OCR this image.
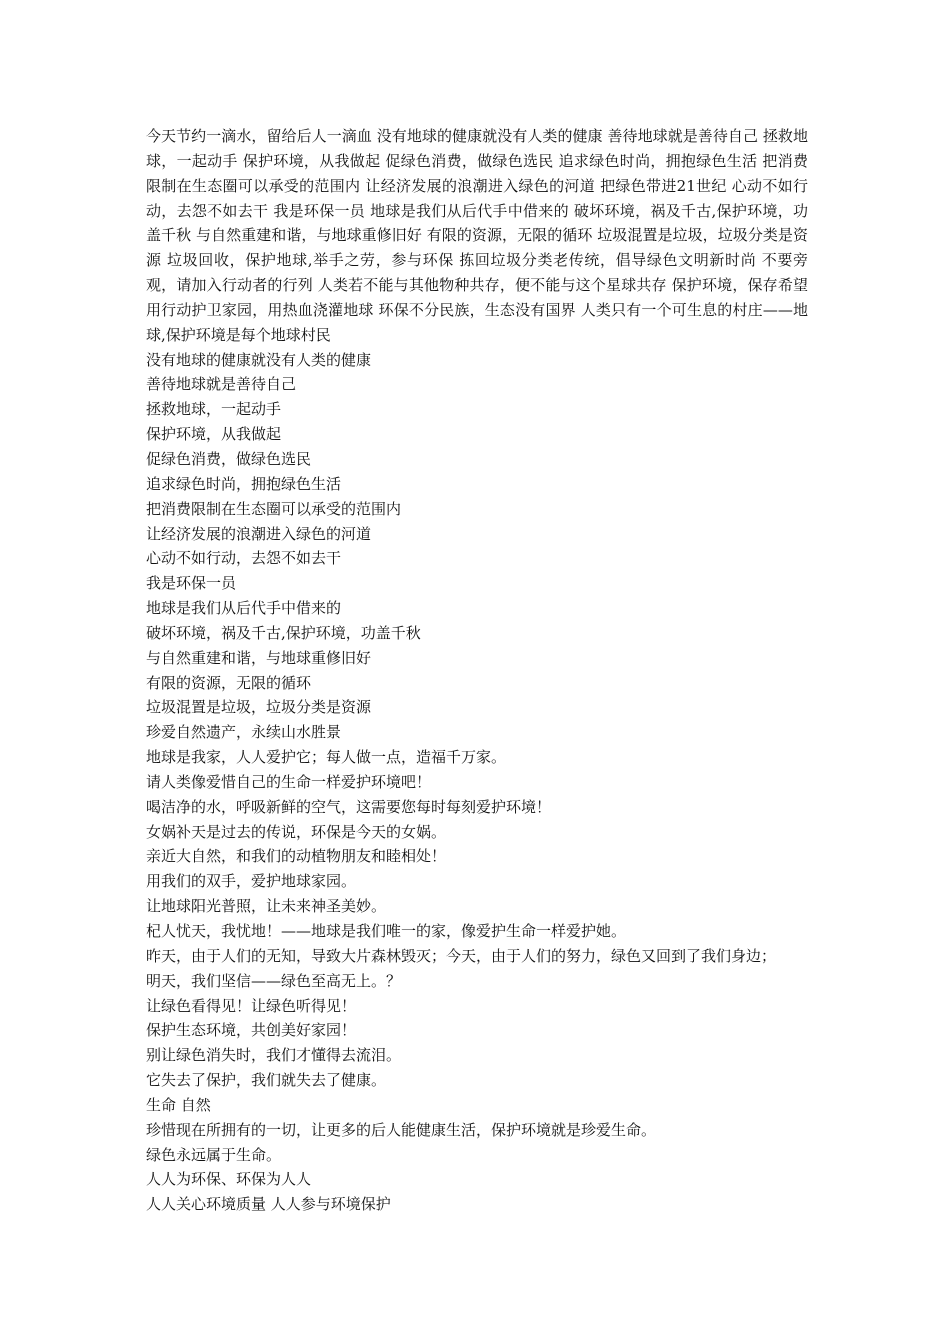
今天节约一滴水，留给后人一滴血 没有地球的健康就没有人类的健康 善待地球就是善待自己 拯救地球，一起动手 保护环境，从我做起 促绿色消费，做绿色选民 追求绿色时尚，拥抱绿色生活 把消费限制在生态圈可以承受的范围内 让经济发展的浪潮进入绿色的河道 把绿色带进21世纪 心动不如行动，去怨不如去干 我是环保一员 地球是我们从后代手中借来的 破坏环境，祸及千古,保护环境，功盖千秋 与自然重建和谐，与地球重修旧好 有限的资源，无限的循环 垃圾混置是垃圾，垃圾分类是资源 垃圾回收，保护地球,举手之劳，参与环保 拣回垃圾分类老传统，倡导绿色文明新时尚 不要旁观，请加入行动者的行列 人类若不能与其他物种共存，便不能与这个星球共存 保护环境，保存希望 用行动护卫家园，用热血浇灌地球 环保不分民族，生态没有国界 人类只有一个可生息的村庄——地球,保护环境是每个地球村民

没有地球的健康就没有人类的健康
善待地球就是善待自己
拯救地球，一起动手
保护环境，从我做起
促绿色消费，做绿色选民
追求绿色时尚，拥抱绿色生活
把消费限制在生态圈可以承受的范围内
让经济发展的浪潮进入绿色的河道
心动不如行动，去怨不如去干
我是环保一员
地球是我们从后代手中借来的
破坏环境，祸及千古,保护环境，功盖千秋
与自然重建和谐，与地球重修旧好
有限的资源，无限的循环
垃圾混置是垃圾，垃圾分类是资源
珍爱自然遗产，永续山水胜景
地球是我家，人人爱护它；每人做一点，造福千万家。
请人类像爱惜自己的生命一样爱护环境吧！
喝洁净的水，呼吸新鲜的空气，这需要您每时每刻爱护环境！
女娲补天是过去的传说，环保是今天的女娲。
亲近大自然，和我们的动植物朋友和睦相处！
用我们的双手，爱护地球家园。
让地球阳光普照，让未来神圣美妙。
杞人忧天，我忧地！——地球是我们唯一的家，像爱护生命一样爱护她。
昨天，由于人们的无知，导致大片森林毁灭；今天，由于人们的努力，绿色又回到了我们身边；
明天，我们坚信——绿色至高无上。？
让绿色看得见！让绿色听得见！
保护生态环境，共创美好家园！
别让绿色消失时，我们才懂得去流泪。
它失去了保护，我们就失去了健康。
生命 自然
珍惜现在所拥有的一切，让更多的后人能健康生活，保护环境就是珍爱生命。
绿色永远属于生命。
人人为环保、环保为人人
人人关心环境质量 人人参与环境保护
